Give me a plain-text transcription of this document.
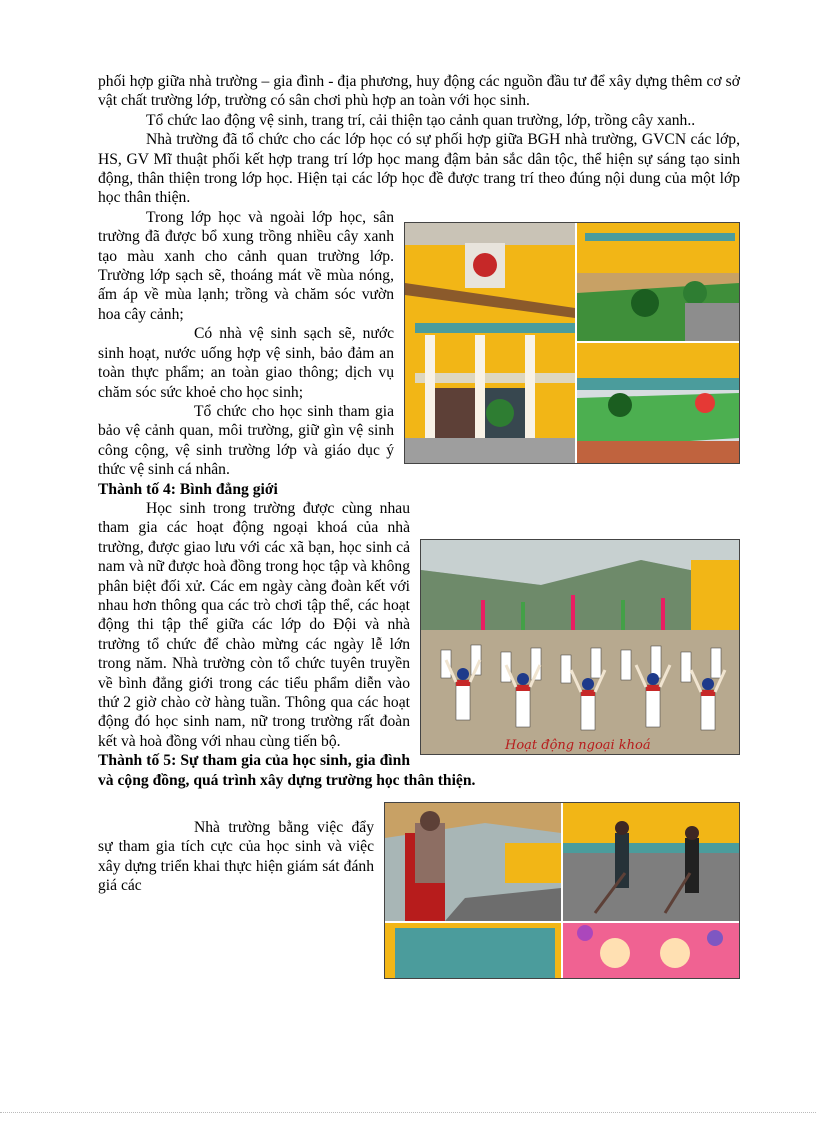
phối hợp giữa nhà trường – gia đình - địa phương, huy động các nguồn đầu tư để xây dựng thêm cơ sở vật chất trường lớp, trường có sân chơi phù hợp an toàn với học sinh.

Tổ chức lao động vệ sinh, trang trí, cải thiện tạo cảnh quan trường, lớp, trồng cây xanh..

Nhà trường đã tổ chức cho các lớp học có sự phối hợp giữa BGH nhà trường, GVCN các lớp, HS, GV Mĩ thuật phối kết hợp trang trí lớp học mang đậm bản sắc dân tộc, thể hiện sự sáng tạo sinh động, thân thiện trong lớp học. Hiện tại các lớp học đề được trang trí theo đúng nội dung của một lớp học thân thiện.

Trong lớp học và ngoài lớp học, sân trường đã được bổ xung trồng nhiều cây xanh tạo màu xanh cho cảnh quan trường lớp. Trường lớp sạch sẽ, thoáng mát về mùa nóng, ấm áp về mùa lạnh; trồng và chăm sóc vườn hoa cây cảnh;

Có nhà vệ sinh sạch sẽ, nước sinh hoạt, nước uống hợp vệ sinh, bảo đảm an toàn thực phẩm; an toàn giao thông; dịch vụ chăm sóc sức khoẻ cho học sinh;

Tổ chức cho học sinh tham gia bảo vệ cảnh quan, môi trường, giữ gìn vệ sinh công cộng, vệ sinh trường lớp và giáo dục ý thức vệ sinh cá nhân.

Thành tố 4: Bình đẳng giới

Hoạt động ngoại khoá

Học sinh trong trường được cùng nhau tham gia các hoạt động ngoại khoá của nhà trường, được giao lưu với các xã bạn, học sinh cả nam và nữ được hoà đồng trong học tập và không phân biệt đối xử. Các em ngày càng đoàn kết với nhau hơn thông qua các trò chơi tập thể, các hoạt động thi tập thể giữa các lớp do Đội và nhà trường tổ chức để chào mừng các ngày lễ lớn trong năm. Nhà trường còn tổ chức tuyên truyền về bình đẳng giới trong các tiểu phẩm diễn vào thứ 2 giờ chào cờ hàng tuần. Thông qua các hoạt động đó học sinh nam, nữ trong trường rất đoàn kết và hoà đồng với nhau cùng tiến bộ.

Thành tố 5: Sự tham gia của học sinh, gia đình và cộng đồng, quá trình xây dựng trường học thân thiện.

Nhà trường bằng việc đẩy sự tham gia tích cực của học sinh và việc xây dựng triển khai thực hiện giám sát đánh giá các
